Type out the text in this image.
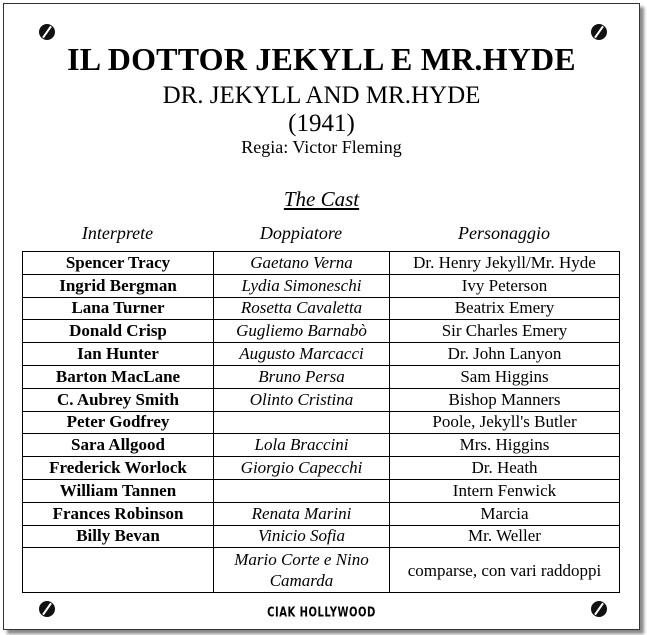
IL DOTTOR JEKYLL E MR.HYDE
DR. JEKYLL AND MR.HYDE
(1941)
Regia: Victor Fleming
The Cast
Interprete	Doppiatore	Personaggio
Spencer Tracy	Gaetano Verna	Dr. Henry Jekyll/Mr. Hyde
Ingrid Bergman	Lydia Simoneschi	Ivy Peterson
Lana Turner	Rosetta Cavaletta	Beatrix Emery
Donald Crisp	Gugliemo Barnabò	Sir Charles Emery
Ian Hunter	Augusto Marcacci	Dr. John Lanyon
Barton MacLane	Bruno Persa	Sam Higgins
C. Aubrey Smith	Olinto Cristina	Bishop Manners
Peter Godfrey		Poole, Jekyll's Butler
Sara Allgood	Lola Braccini	Mrs. Higgins
Frederick Worlock	Giorgio Capecchi	Dr. Heath
William Tannen		Intern Fenwick
Frances Robinson	Renata Marini	Marcia
Billy Bevan	Vinicio Sofia	Mr. Weller
	Mario Corte e Nino Camarda	comparse, con vari raddoppi
CIAK HOLLYWOOD
